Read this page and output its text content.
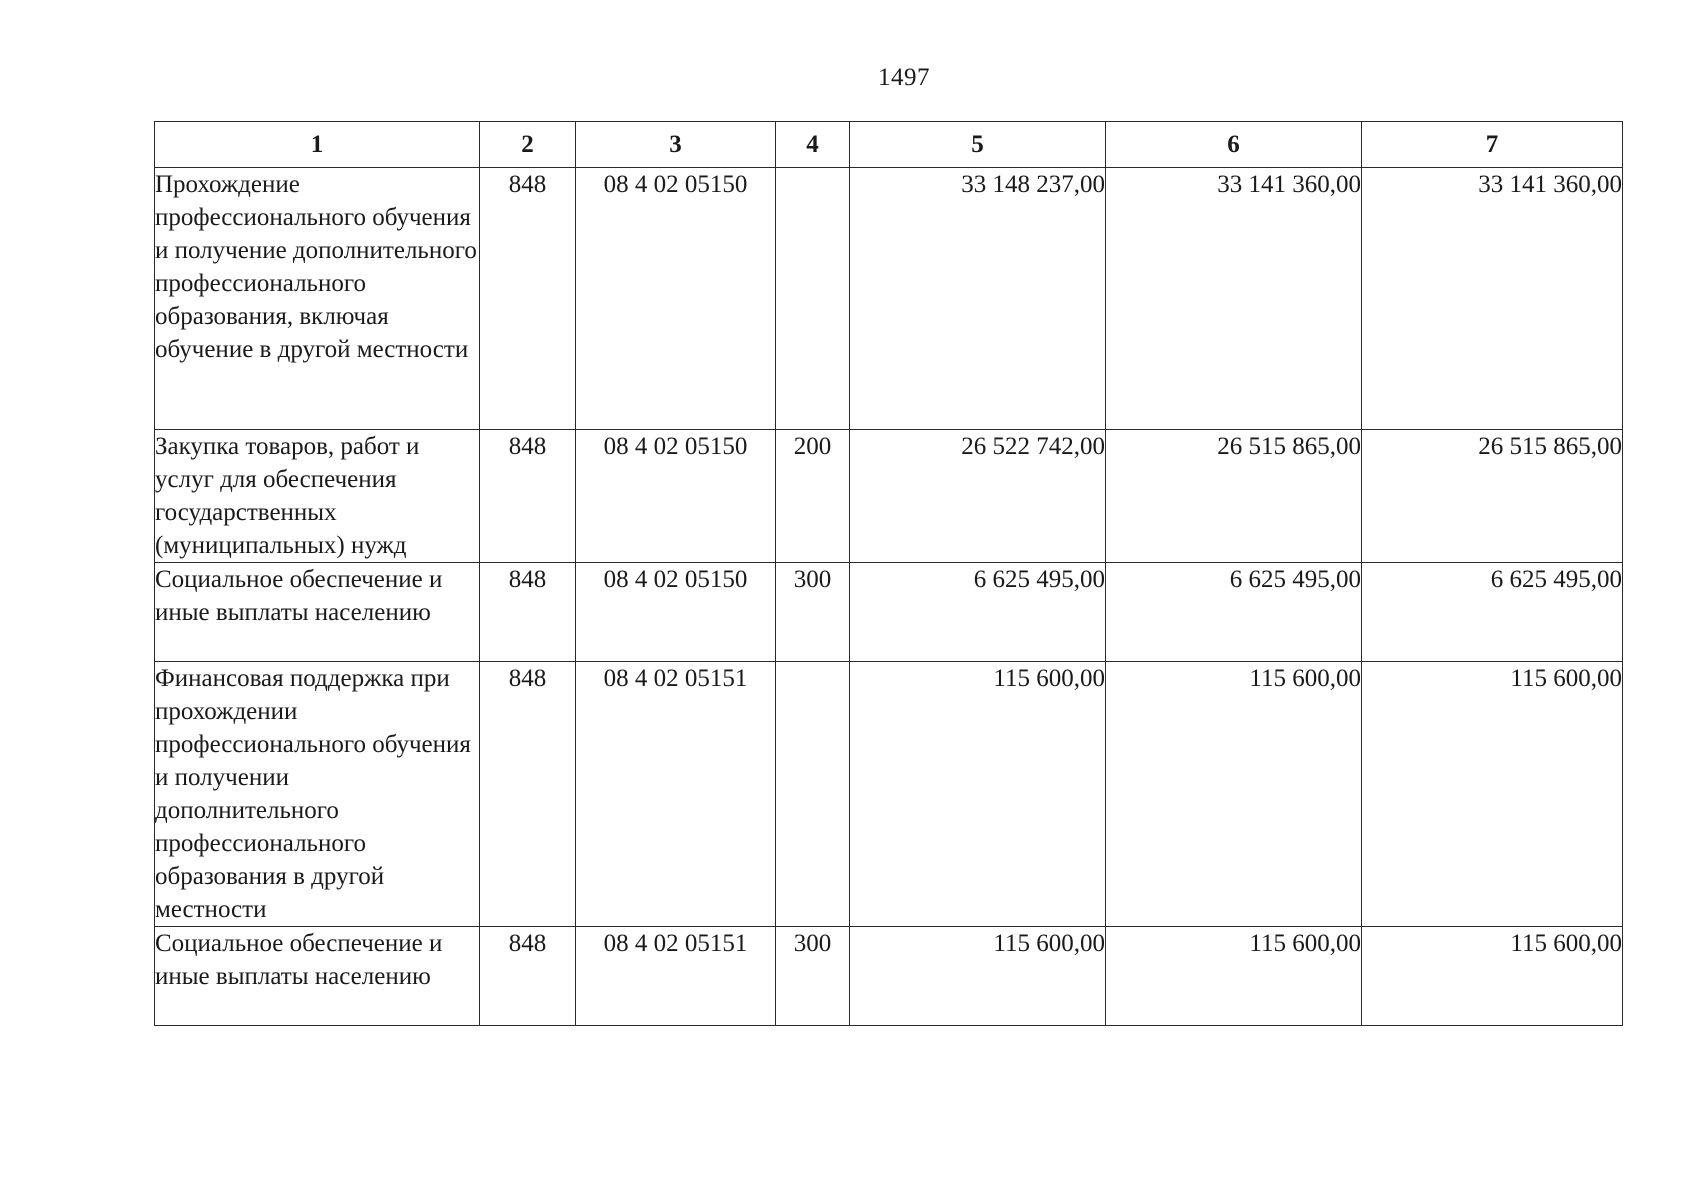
1497
1	2	3	4	5	6	7
Прохождение профессионального обучения и получение дополнительного профессионального образования, включая обучение в другой местности	848	08 4 02 05150		33 148 237,00	33 141 360,00	33 141 360,00
Закупка товаров, работ и услуг для обеспечения государственных (муниципальных) нужд	848	08 4 02 05150	200	26 522 742,00	26 515 865,00	26 515 865,00
Социальное обеспечение и иные выплаты населению	848	08 4 02 05150	300	6 625 495,00	6 625 495,00	6 625 495,00
Финансовая поддержка при прохождении профессионального обучения и получении дополнительного профессионального образования в другой местности	848	08 4 02 05151		115 600,00	115 600,00	115 600,00
Социальное обеспечение и иные выплаты населению	848	08 4 02 05151	300	115 600,00	115 600,00	115 600,00
